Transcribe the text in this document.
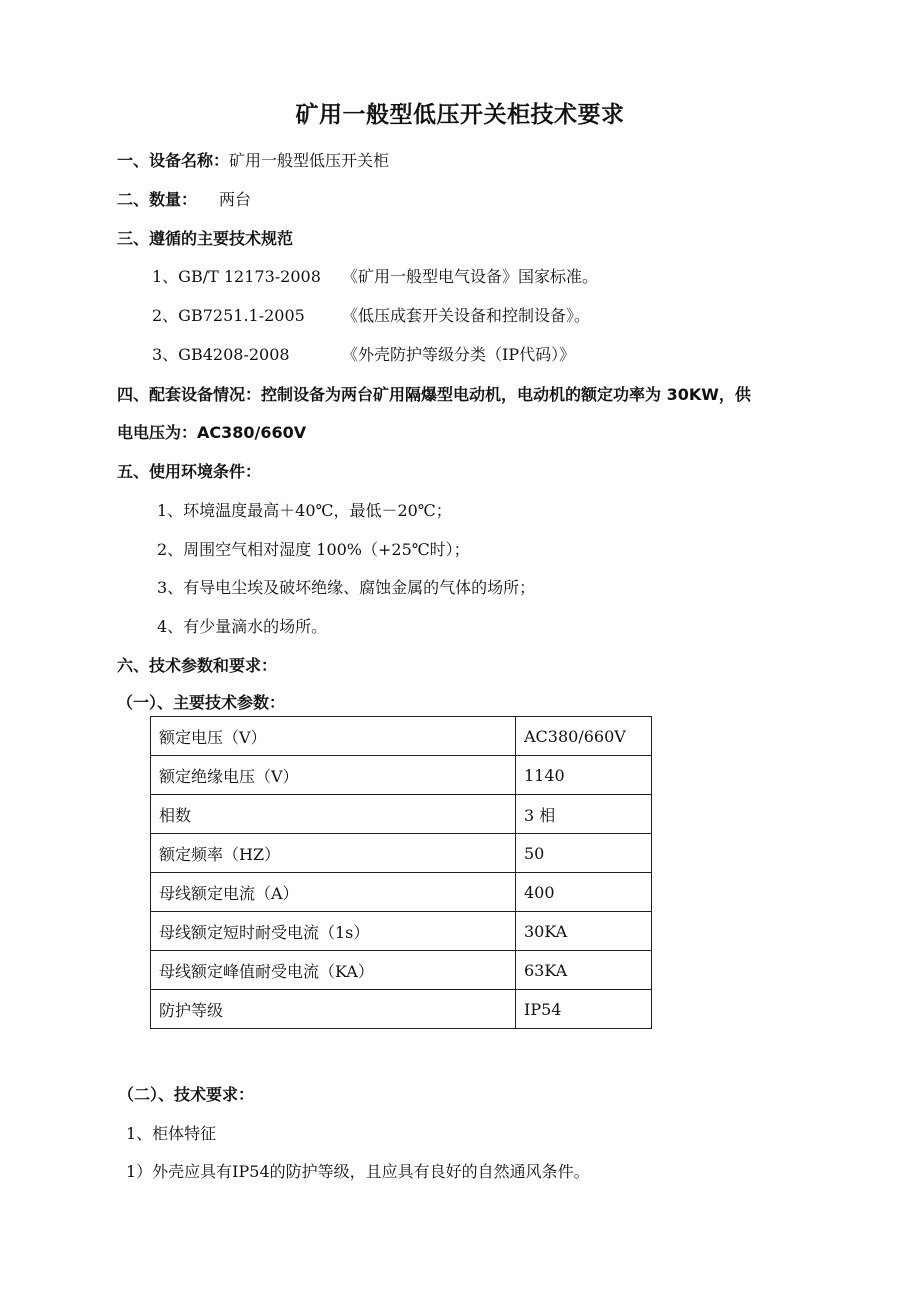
矿用一般型低压开关柜技术要求
一、设备名称：矿用一般型低压开关柜
二、数量： 两台
三、遵循的主要技术规范
1、GB/T 12173-2008 《矿用一般型电气设备》国家标准。
2、GB7251.1-2005 《低压成套开关设备和控制设备》。
3、GB4208-2008	《外壳防护等级分类（IP代码）》
四、配套设备情况：控制设备为两台矿用隔爆型电动机，电动机的额定功率为 30KW，供
电电压为：AC380/660V
五、使用环境条件：
1、环境温度最高＋40℃，最低－20℃；
2、周围空气相对湿度 100%（+25℃时）；
3、有导电尘埃及破坏绝缘、腐蚀金属的气体的场所；
4、有少量滴水的场所。
六、技术参数和要求：
（一）、主要技术参数：
额定电压（V）	AC380/660V
额定绝缘电压（V）	1140
相数	3 相
额定频率（HZ）	50
母线额定电流（A）	400
母线额定短时耐受电流（1s）	30KA
母线额定峰值耐受电流（KA）	63KA
防护等级	IP54
（二）、技术要求：
1、柜体特征
1）外壳应具有IP54的防护等级，且应具有良好的自然通风条件。
